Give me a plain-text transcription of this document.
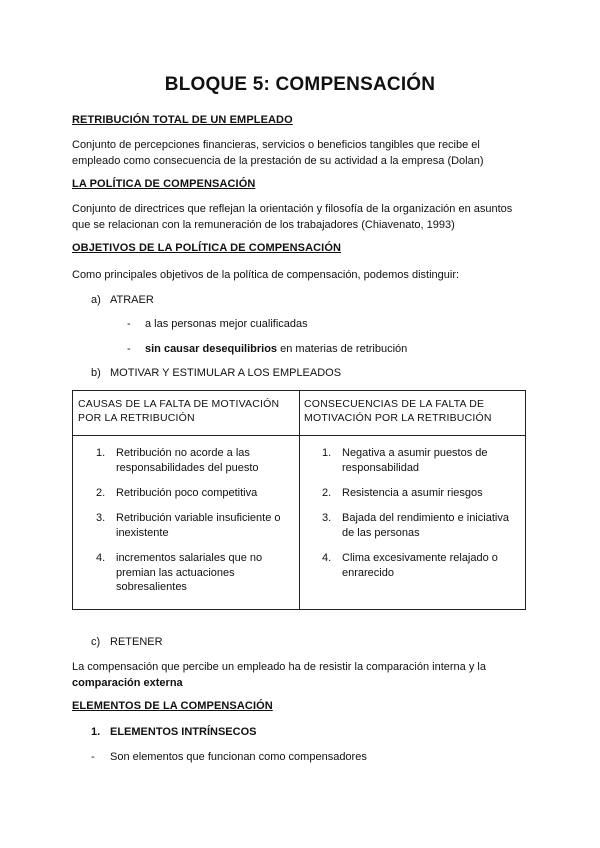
BLOQUE 5: COMPENSACIÓN

RETRIBUCIÓN TOTAL DE UN EMPLEADO

Conjunto de percepciones financieras, servicios o beneficios tangibles que recibe el

empleado como consecuencia de la prestación de su actividad a la empresa (Dolan)

LA POLÍTICA DE COMPENSACIÓN

Conjunto de directrices que reflejan la orientación y filosofía de la organización en asuntos

que se relacionan con la remuneración de los trabajadores (Chiavenato, 1993)

OBJETIVOS DE LA POLÍTICA DE COMPENSACIÓN

Como principales objetivos de la política de compensación, podemos distinguir:

a) ATRAER

- a las personas mejor cualificadas

- sin causar desequilibrios en materias de retribución

b) MOTIVAR Y ESTIMULAR A LOS EMPLEADOS

CAUSAS DE LA FALTA DE MOTIVACIÓN
POR LA RETRIBUCIÓN

CONSECUENCIAS DE LA FALTA DE
MOTIVACIÓN POR LA RETRIBUCIÓN

1. Retribución no acorde a las
responsabilidades del puesto
2. Retribución poco competitiva
3. Retribución variable insuficiente o
inexistente
4. incrementos salariales que no
premian las actuaciones
sobresalientes
1. Negativa a asumir puestos de
responsabilidad
2. Resistencia a asumir riesgos
3. Bajada del rendimiento e iniciativa
de las personas
4. Clima excesivamente relajado o
enrarecido

c) RETENER

La compensación que percibe un empleado ha de resistir la comparación interna y la

comparación externa

ELEMENTOS DE LA COMPENSACIÓN

1. ELEMENTOS INTRÍNSECOS

- Son elementos que funcionan como compensadores
